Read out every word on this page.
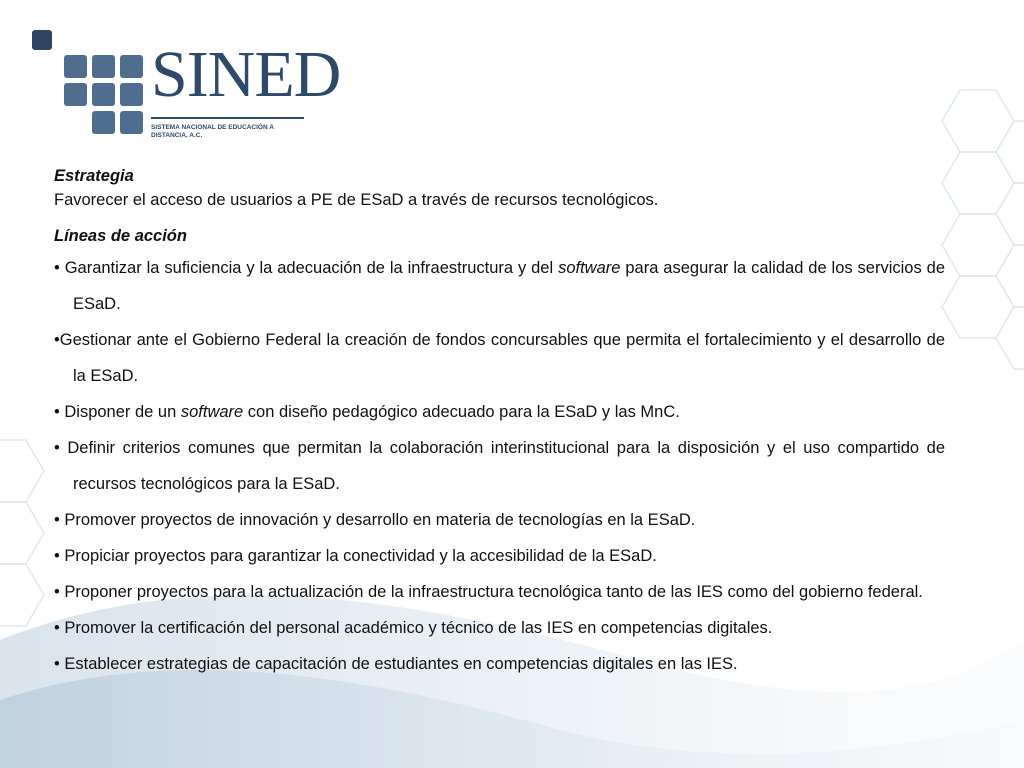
SINED
SISTEMA NACIONAL DE EDUCACIÓN A DISTANCIA, A.C.
Estrategia
Favorecer el acceso de usuarios a PE de ESaD a través de recursos tecnológicos.
Líneas de acción
• Garantizar la suficiencia y la adecuación de la infraestructura y del software para asegurar la calidad de los servicios de ESaD.
•Gestionar ante el Gobierno Federal la creación de fondos concursables que permita el fortalecimiento y el desarrollo de la ESaD.
• Disponer de un software con diseño pedagógico adecuado para la ESaD y las MnC.
• Definir criterios comunes que permitan la colaboración interinstitucional para la disposición y el uso compartido de recursos tecnológicos para la ESaD.
• Promover proyectos de innovación y desarrollo en materia de tecnologías en la ESaD.
• Propiciar proyectos para garantizar la conectividad y la accesibilidad de la ESaD.
• Proponer proyectos para la actualización de la infraestructura tecnológica tanto de las IES como del gobierno federal.
• Promover la certificación del personal académico y técnico de las IES en competencias digitales.
• Establecer estrategias de capacitación de estudiantes en competencias digitales en las IES.
